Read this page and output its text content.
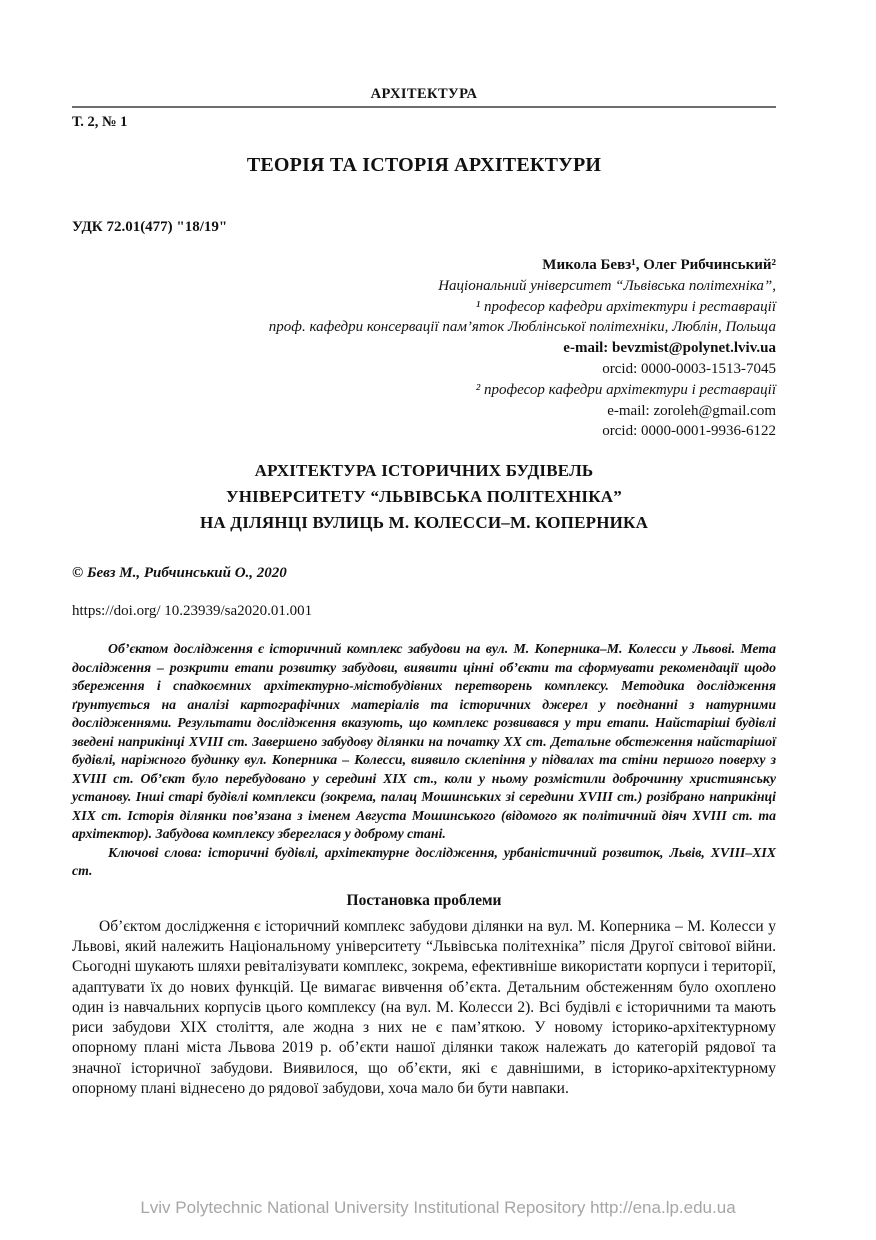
АРХІТЕКТУРА
Т. 2, № 1
ТЕОРІЯ ТА ІСТОРІЯ АРХІТЕКТУРИ
УДК 72.01(477) "18/19"
Микола Бевз¹, Олег Рибчинський²
Національний університет “Львівська політехніка”,
¹ професор кафедри архітектури і реставрації
проф. кафедри консервації пам’яток Люблінської політехніки, Люблін, Польща
e-mail: bevzmist@polynet.lviv.ua
orcid: 0000-0003-1513-7045
² професор кафедри архітектури і реставрації
e-mail: zoroleh@gmail.com
orcid: 0000-0001-9936-6122
АРХІТЕКТУРА ІСТОРИЧНИХ БУДІВЕЛЬ
УНІВЕРСИТЕТУ “ЛЬВІВСЬКА ПОЛІТЕХНІКА”
НА ДІЛЯНЦІ ВУЛИЦЬ М. КОЛЕССИ–М. КОПЕРНИКА
© Бевз М., Рибчинський О., 2020
https://doi.org/ 10.23939/sa2020.01.001

Об’єктом дослідження є історичний комплекс забудови на вул. М. Коперника–М. Колесси у Львові. Мета дослідження – розкрити етапи розвитку забудови, виявити цінні об’єкти та сформувати рекомендації щодо збереження і спадкоємних архітектурно-містобудівних перетворень комплексу. Методика дослідження ґрунтується на аналізі картографічних матеріалів та історичних джерел у поєднанні з натурними дослідженнями. Результати дослідження вказують, що комплекс розвивався у три етапи. Найстаріші будівлі зведені наприкінці XVIII ст. Завершено забудову ділянки на початку ХХ ст. Детальне обстеження найстарішої будівлі, наріжного будинку вул. Коперника – Колесси, виявило склепіння у підвалах та стіни першого поверху з XVIII ст. Об’єкт було перебудовано у середині ХІХ ст., коли у ньому розмістили доброчинну християнську установу. Інші старі будівлі комплекси (зокрема, палац Мошинських зі середини XVIII ст.) розібрано наприкінці ХІХ ст. Історія ділянки пов’язана з іменем Августа Мошинського (відомого як політичний діяч XVIII ст. та архітектор). Забудова комплексу збереглася у доброму стані.

Ключові слова: історичні будівлі, архітектурне дослідження, урбаністичний розвиток, Львів, XVIII–ХІХ ст.

Постановка проблеми

Об’єктом дослідження є історичний комплекс забудови ділянки на вул. М. Коперника – М. Колесси у Львові, який належить Національному університету “Львівська політехніка” після Другої світової війни. Сьогодні шукають шляхи ревіталізувати комплекс, зокрема, ефективніше використати корпуси і території, адаптувати їх до нових функцій. Це вимагає вивчення об’єкта. Детальним обстеженням було охоплено один із навчальних корпусів цього комплексу (на вул. М. Колесси 2). Всі будівлі є історичними та мають риси забудови ХІХ століття, але жодна з них не є пам’яткою. У новому історико-архітектурному опорному плані міста Львова 2019 р. об’єкти нашої ділянки також належать до категорій рядової та значної історичної забудови. Виявилося, що об’єкти, які є давнішими, в історико-архітектурному опорному плані віднесено до рядової забудови, хоча мало би бути навпаки.

Lviv Polytechnic National University Institutional Repository http://ena.lp.edu.ua
